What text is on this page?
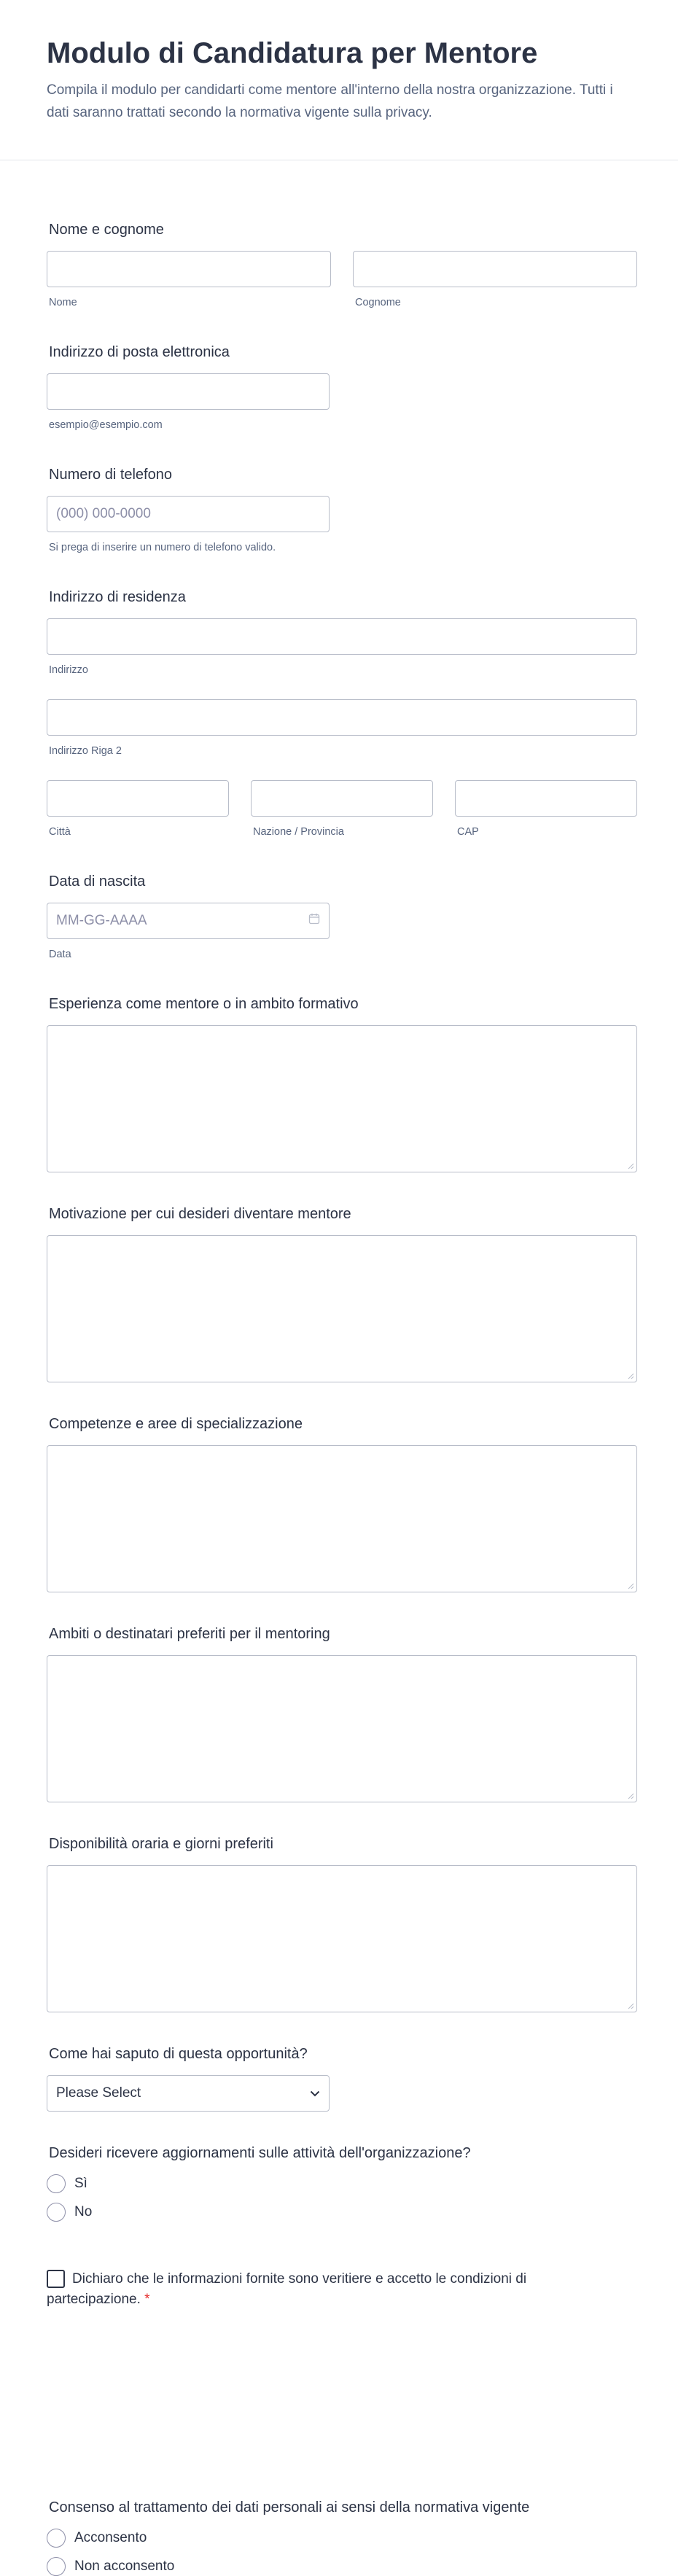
Modulo di Candidatura per Mentore

Compila il modulo per candidarti come mentore all'interno della nostra organizzazione. Tutti i dati saranno trattati secondo la normativa vigente sulla privacy.

Nome e cognome
Nome	Cognome
Indirizzo di posta elettronica
esempio@esempio.com
Numero di telefono
(000) 000-0000
Si prega di inserire un numero di telefono valido.
Indirizzo di residenza
Indirizzo
Indirizzo Riga 2
Città	Nazione / Provincia	CAP
Data di nascita
MM-GG-AAAA
Data
Esperienza come mentore o in ambito formativo
Motivazione per cui desideri diventare mentore
Competenze e aree di specializzazione
Ambiti o destinatari preferiti per il mentoring
Disponibilità oraria e giorni preferiti
Come hai saputo di questa opportunità?
Please Select
Desideri ricevere aggiornamenti sulle attività dell'organizzazione?
Sì
No
Dichiaro che le informazioni fornite sono veritiere e accetto le condizioni di partecipazione. *
Consenso al trattamento dei dati personali ai sensi della normativa vigente
Acconsento
Non acconsento
